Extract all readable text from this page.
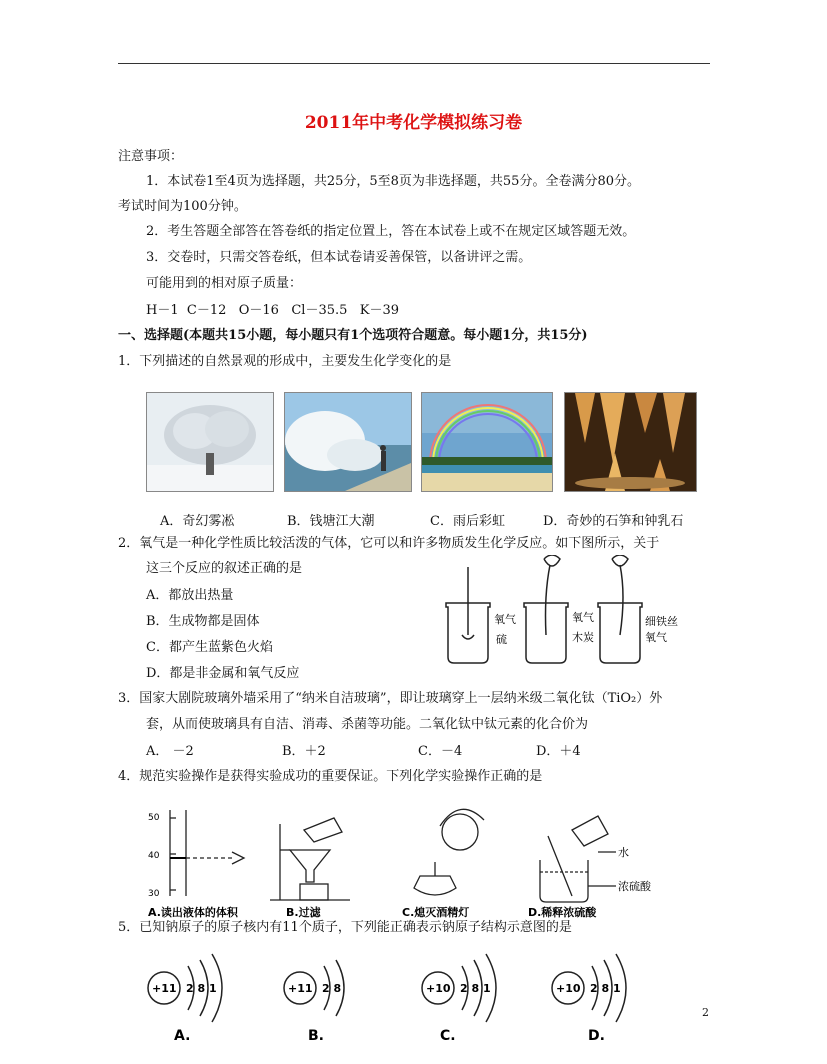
2011年中考化学模拟练习卷
注意事项：
1．本试卷1至4页为选择题，共25分，5至8页为非选择题，共55分。全卷满分80分。
考试时间为100分钟。
2．考生答题全部答在答卷纸的指定位置上，答在本试卷上或不在规定区域答题无效。
3．交卷时，只需交答卷纸，但本试卷请妥善保管，以备讲评之需。
可能用到的相对原子质量：
H－1  C－12   O－16   Cl－35.5   K－39
一、选择题(本题共15小题，每小题只有1个选项符合题意。每小题1分，共15分)
1．下列描述的自然景观的形成中，主要发生化学变化的是
A．奇幻雾凇	B．钱塘江大潮	C．雨后彩虹	D．奇妙的石笋和钟乳石
2．氧气是一种化学性质比较活泼的气体，它可以和许多物质发生化学反应。如下图所示，关于
这三个反应的叙述正确的是
A．都放出热量
B．生成物都是固体
C．都产生蓝紫色火焰
D．都是非金属和氧气反应
氧气
硫
氧气
木炭
细铁丝
氧气
3．国家大剧院玻璃外墙采用了“纳米自洁玻璃”，即让玻璃穿上一层纳米级二氧化钛（TiO₂）外
套，从而使玻璃具有自洁、消毒、杀菌等功能。二氧化钛中钛元素的化合价为
A． －2	B．＋2	C．－4	D．＋4
4．规范实验操作是获得实验成功的重要保证。下列化学实验操作正确的是
50
40
30
水
浓硫酸
A.读出液体的体积	B.过滤	C.熄灭酒精灯	D.稀释浓硫酸
5．已知钠原子的原子核内有11个质子，下列能正确表示钠原子结构示意图的是
+11 2 8 1	+11 2 8	+10 2 8 1	+10 2 8 1
A.	B.	C.	D.
2
